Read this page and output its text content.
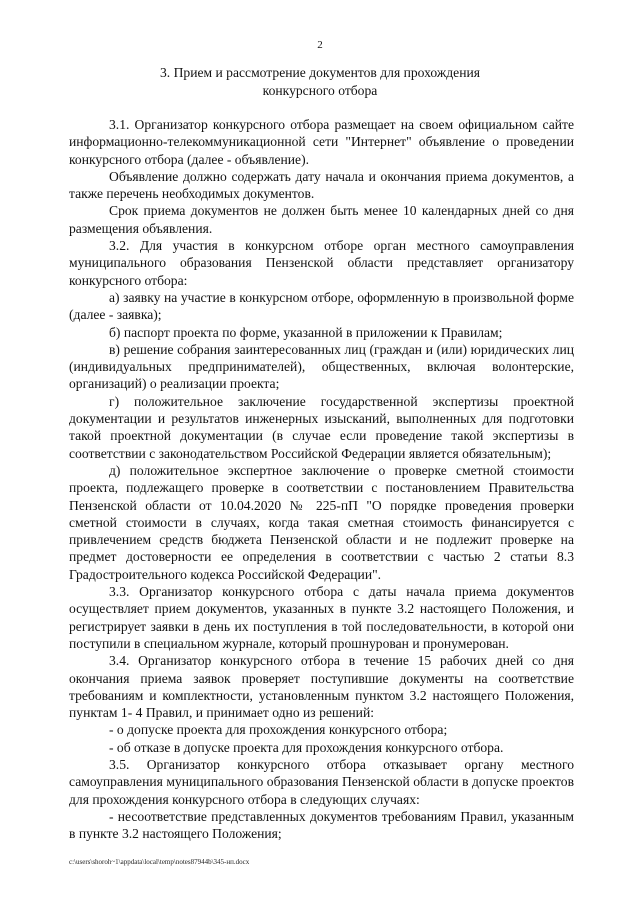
2
3. Прием и рассмотрение документов для прохождения
конкурсного отбора

3.1. Организатор конкурсного отбора размещает на своем официальном сайте информационно-телекоммуникационной сети "Интернет" объявление о проведении конкурсного отбора (далее - объявление).

Объявление должно содержать дату начала и окончания приема документов, а также перечень необходимых документов.

Срок приема документов не должен быть менее 10 календарных дней со дня размещения объявления.

3.2. Для участия в конкурсном отборе орган местного самоуправления муниципального образования Пензенской области представляет организатору конкурсного отбора:

а) заявку на участие в конкурсном отборе, оформленную в произвольной форме (далее - заявка);

б) паспорт проекта по форме, указанной в приложении к Правилам;

в) решение собрания заинтересованных лиц (граждан и (или) юридических лиц (индивидуальных предпринимателей), общественных, включая волонтерские, организаций) о реализации проекта;

г) положительное заключение государственной экспертизы проектной документации и результатов инженерных изысканий, выполненных для подготовки такой проектной документации (в случае если проведение такой экспертизы в соответствии с законодательством Российской Федерации является обязательным);

д) положительное экспертное заключение о проверке сметной стоимости проекта, подлежащего проверке в соответствии с постановлением Правительства Пензенской области от 10.04.2020 № 225-пП "О порядке проведения проверки сметной стоимости в случаях, когда такая сметная стоимость финансируется с привлечением средств бюджета Пензенской области и не подлежит проверке на предмет достоверности ее определения в соответствии с частью 2 статьи 8.3 Градостроительного кодекса Российской Федерации".

3.3. Организатор конкурсного отбора с даты начала приема документов осуществляет прием документов, указанных в пункте 3.2 настоящего Положения, и регистрирует заявки в день их поступления в той последовательности, в которой они поступили в специальном журнале, который прошнурован и пронумерован.

3.4. Организатор конкурсного отбора в течение 15 рабочих дней со дня окончания приема заявок проверяет поступившие документы на соответствие требованиям и комплектности, установленным пунктом 3.2 настоящего Положения, пунктам 1- 4 Правил, и принимает одно из решений:

- о допуске проекта для прохождения конкурсного отбора;

- об отказе в допуске проекта для прохождения конкурсного отбора.

3.5. Организатор конкурсного отбора отказывает органу местного самоуправления муниципального образования Пензенской области в допуске проектов для прохождения конкурсного отбора в следующих случаях:

- несоответствие представленных документов требованиям Правил, указанным в пункте 3.2 настоящего Положения;

c:\users\shoroh~1\appdata\local\temp\notes87944b\345-нп.docx
